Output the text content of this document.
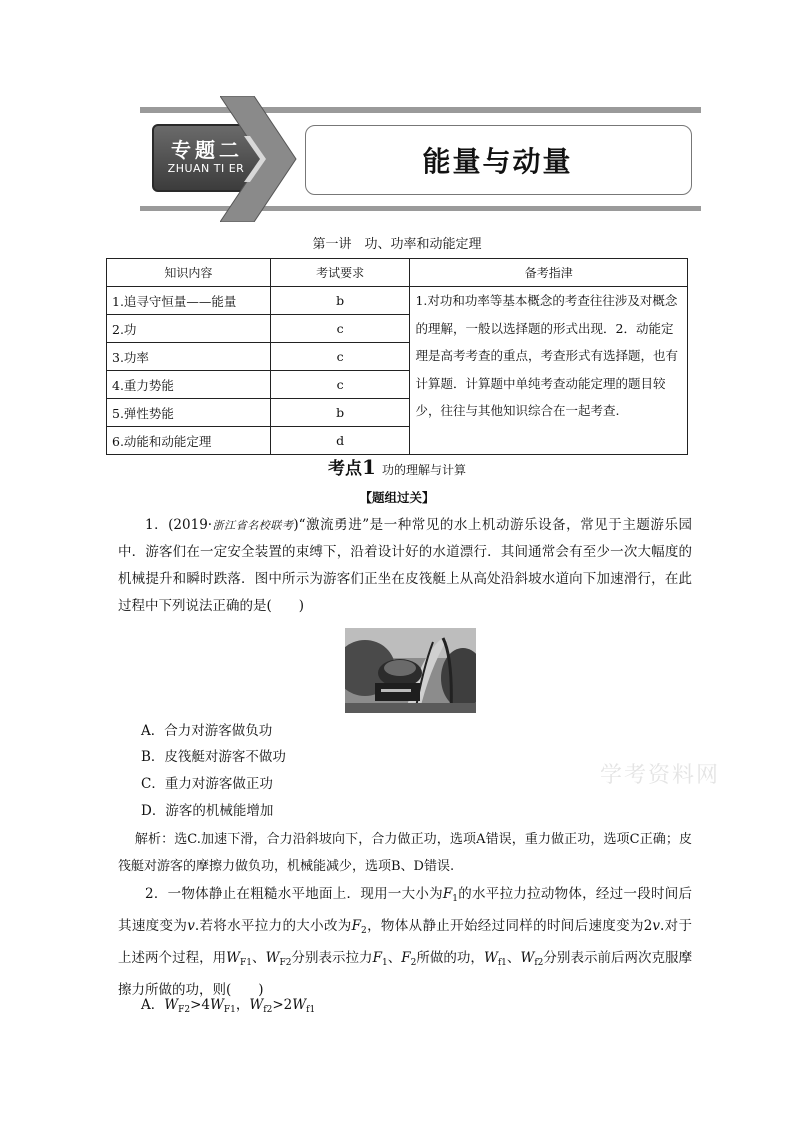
专题二
ZHUAN TI ER	能量与动量
第一讲　功、功率和动能定理
知识内容	考试要求	备考指津
1.追寻守恒量——能量	b	1.对功和功率等基本概念的考查往往涉及对概念的理解，一般以选择题的形式出现．2．动能定理是高考考查的重点，考查形式有选择题，也有计算题．计算题中单纯考查动能定理的题目较少，往往与其他知识综合在一起考查.
2.功	c	
3.功率	c	
4.重力势能	c	
5.弹性势能	b	
6.动能和动能定理	d	
考点1 功的理解与计算
【题组过关】
1．(2019·浙江省名校联考)“激流勇进”是一种常见的水上机动游乐设备，常见于主题游乐园中．游客们在一定安全装置的束缚下，沿着设计好的水道漂行．其间通常会有至少一次大幅度的机械提升和瞬时跌落．图中所示为游客们正坐在皮筏艇上从高处沿斜坡水道向下加速滑行，在此过程中下列说法正确的是(　　)
A．合力对游客做负功
B．皮筏艇对游客不做功
C．重力对游客做正功
D．游客的机械能增加
学考资料网
解析：选C.加速下滑，合力沿斜坡向下，合力做正功，选项A错误，重力做正功，选项C正确；皮筏艇对游客的摩擦力做负功，机械能减少，选项B、D错误.
2．一物体静止在粗糙水平地面上．现用一大小为$F_1$的水平拉力拉动物体，经过一段时间后其速度变为v.若将水平拉力的大小改为$F_2$，物体从静止开始经过同样的时间后速度变为2v.对于上述两个过程，用$W_{F1}$、$W_{F2}$分别表示拉力$F_1$、$F_2$所做的功，$W_{f1}$、$W_{f2}$分别表示前后两次克服摩擦力所做的功，则(　　)
A．$W_{F2}>4W_{F1}$，$W_{f2}>2W_{f1}$
